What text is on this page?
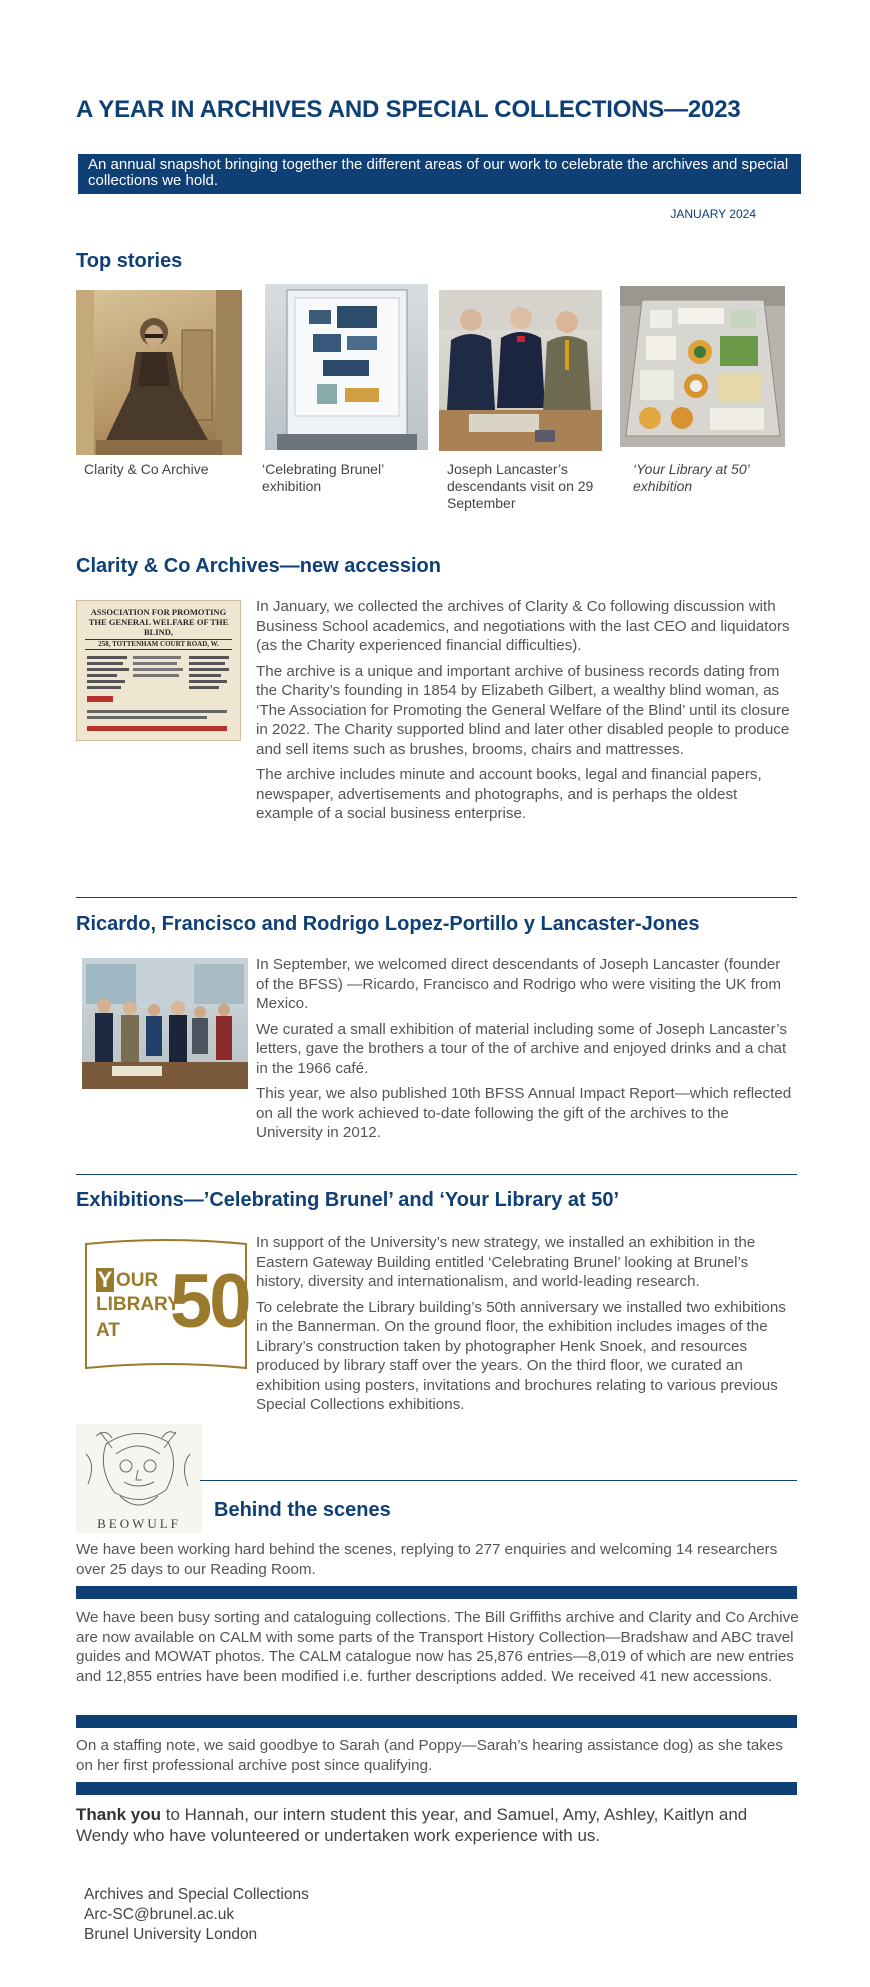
A YEAR IN ARCHIVES AND SPECIAL COLLECTIONS—2023
An annual snapshot bringing together the different areas of our work to celebrate the archives and special collections we hold.
JANUARY 2024
Top stories
Clarity & Co Archive	‘Celebrating Brunel’ exhibition
Joseph Lancaster’s descendants visit on 29 September
‘Your Library at 50’ exhibition
Clarity & Co Archives—new accession
ASSOCIATION FOR PROMOTING THE GENERAL WELFARE OF THE BLIND,
258, TOTTENHAM COURT ROAD, W.

In January, we collected the archives of Clarity & Co following discussion with Business School academics, and negotiations with the last CEO and liquidators (as the Charity experienced financial difficulties).

The archive is a unique and important archive of business records dating from the Charity’s founding in 1854 by Elizabeth Gilbert, a wealthy blind woman, as ‘The Association for Promoting the General Welfare of the Blind’ until its closure in 2022. The Charity supported blind and later other disabled people to produce and sell items such as brushes, brooms, chairs and mattresses.

The archive includes minute and account books, legal and financial papers, newspaper, advertisements and photographs, and is perhaps the oldest example of a social business enterprise.

Ricardo, Francisco and Rodrigo Lopez-Portillo y Lancaster-Jones

In September, we welcomed direct descendants of Joseph Lancaster (founder of the BFSS) —Ricardo, Francisco and Rodrigo who were visiting the UK from Mexico.

We curated a small exhibition of material including some of Joseph Lancaster’s letters, gave the brothers a tour of the of archive and enjoyed drinks and a chat in the 1966 café.

This year, we also published 10th BFSS Annual Impact Report—which reflected on all the work achieved to-date following the gift of the archives to the University in 2012.

Exhibitions—’Celebrating Brunel’ and ‘Your Library at 50’
Y OUR
LIBRARY
AT 50

In support of the University’s new strategy, we installed an exhibition in the Eastern Gateway Building entitled ‘Celebrating Brunel’ looking at Brunel’s history, diversity and internationalism, and world-leading research.

To celebrate the Library building’s 50th anniversary we installed two exhibitions in the Bannerman. On the ground floor, the exhibition includes images of the Library’s construction taken by photographer Henk Snoek, and resources produced by library staff over the years. On the third floor, we curated an exhibition using posters, invitations and brochures relating to various previous Special Collections exhibitions.

BEOWULF
Behind the scenes
We have been working hard behind the scenes, replying to 277 enquiries and welcoming 14 researchers over 25 days to our Reading Room.
We have been busy sorting and cataloguing collections. The Bill Griffiths archive and Clarity and Co Archive are now available on CALM with some parts of the Transport History Collection—Bradshaw and ABC travel guides and MOWAT photos. The CALM catalogue now has 25,876 entries—8,019 of which are new entries and 12,855 entries have been modified i.e. further descriptions added. We received 41 new accessions.
On a staffing note, we said goodbye to Sarah (and Poppy—Sarah’s hearing assistance dog) as she takes on her first professional archive post since qualifying.
Thank you to Hannah, our intern student this year, and Samuel, Amy, Ashley, Kaitlyn and Wendy who have volunteered or undertaken work experience with us.
Archives and Special Collections
Arc-SC@brunel.ac.uk
Brunel University London
